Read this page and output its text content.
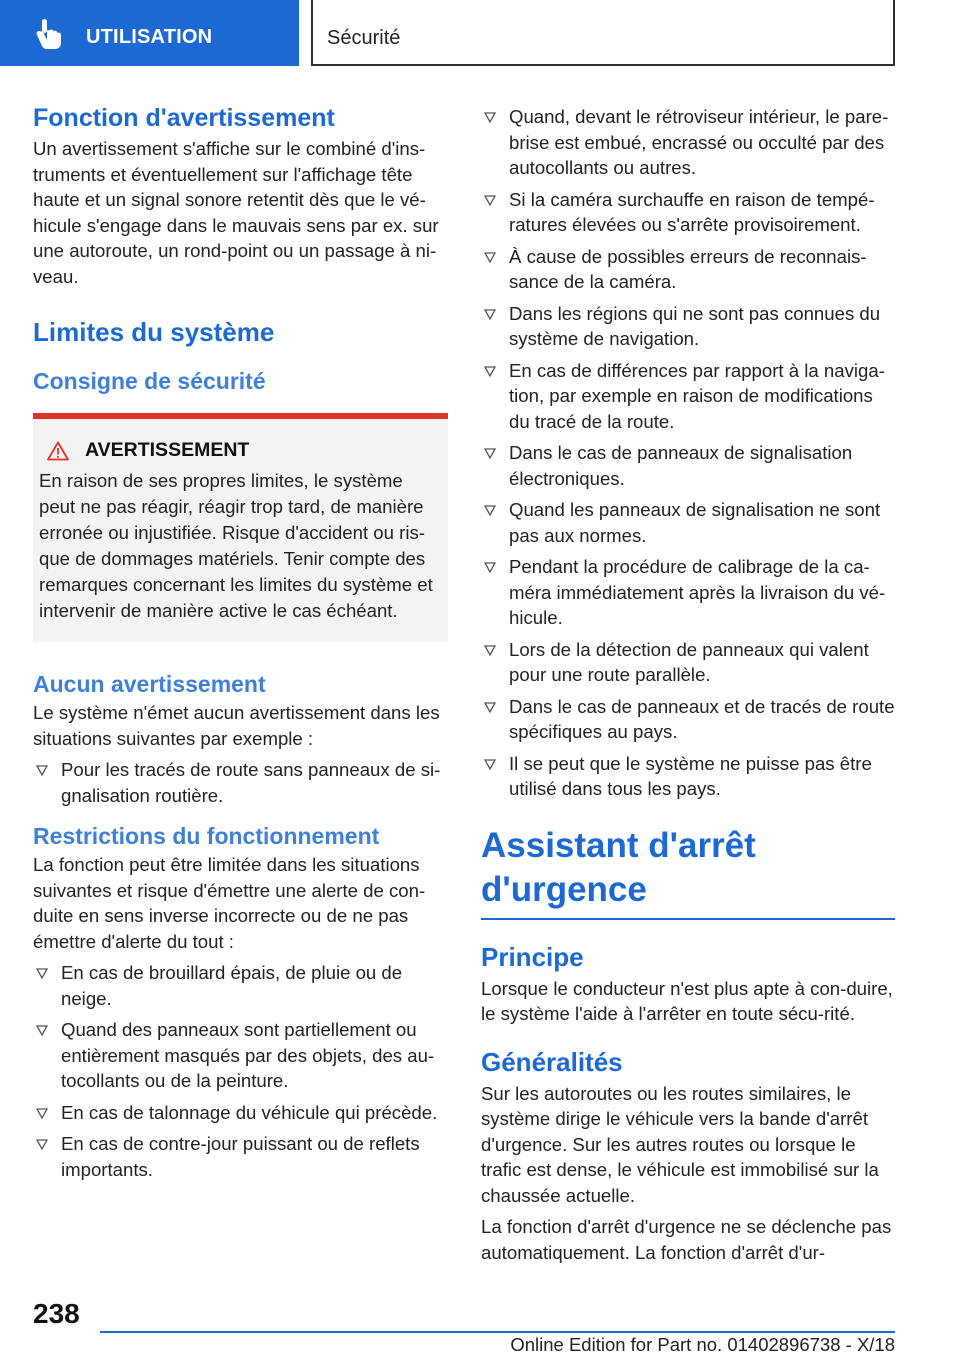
UTILISATION	Sécurité
Fonction d'avertissement
Un avertissement s'affiche sur le combiné d'ins-truments et éventuellement sur l'affichage tête haute et un signal sonore retentit dès que le vé-hicule s'engage dans le mauvais sens par ex. sur une autoroute, un rond-point ou un passage à ni-veau.
Limites du système
Consigne de sécurité
AVERTISSEMENT
En raison de ses propres limites, le système peut ne pas réagir, réagir trop tard, de manière erronée ou injustifiée. Risque d'accident ou ris-que de dommages matériels. Tenir compte des remarques concernant les limites du système et intervenir de manière active le cas échéant.
Aucun avertissement
Le système n'émet aucun avertissement dans les situations suivantes par exemple :
Pour les tracés de route sans panneaux de si-gnalisation routière.
Restrictions du fonctionnement
La fonction peut être limitée dans les situations suivantes et risque d'émettre une alerte de con-duite en sens inverse incorrecte ou de ne pas émettre d'alerte du tout :
En cas de brouillard épais, de pluie ou de neige.
Quand des panneaux sont partiellement ou entièrement masqués par des objets, des au-tocollants ou de la peinture.
En cas de talonnage du véhicule qui précède.
En cas de contre-jour puissant ou de reflets importants.
Quand, devant le rétroviseur intérieur, le pare-brise est embué, encrassé ou occulté par des autocollants ou autres.
Si la caméra surchauffe en raison de tempé-ratures élevées ou s'arrête provisoirement.
À cause de possibles erreurs de reconnais-sance de la caméra.
Dans les régions qui ne sont pas connues du système de navigation.
En cas de différences par rapport à la naviga-tion, par exemple en raison de modifications du tracé de la route.
Dans le cas de panneaux de signalisation électroniques.
Quand les panneaux de signalisation ne sont pas aux normes.
Pendant la procédure de calibrage de la ca-méra immédiatement après la livraison du vé-hicule.
Lors de la détection de panneaux qui valent pour une route parallèle.
Dans le cas de panneaux et de tracés de route spécifiques au pays.
Il se peut que le système ne puisse pas être utilisé dans tous les pays.
Assistant d'arrêt d'urgence
Principe
Lorsque le conducteur n'est plus apte à con-duire, le système l'aide à l'arrêter en toute sécu-rité.
Généralités
Sur les autoroutes ou les routes similaires, le système dirige le véhicule vers la bande d'arrêt d'urgence. Sur les autres routes ou lorsque le trafic est dense, le véhicule est immobilisé sur la chaussée actuelle.
La fonction d'arrêt d'urgence ne se déclenche pas automatiquement. La fonction d'arrêt d'ur-
238
Online Edition for Part no. 01402896738 - X/18
